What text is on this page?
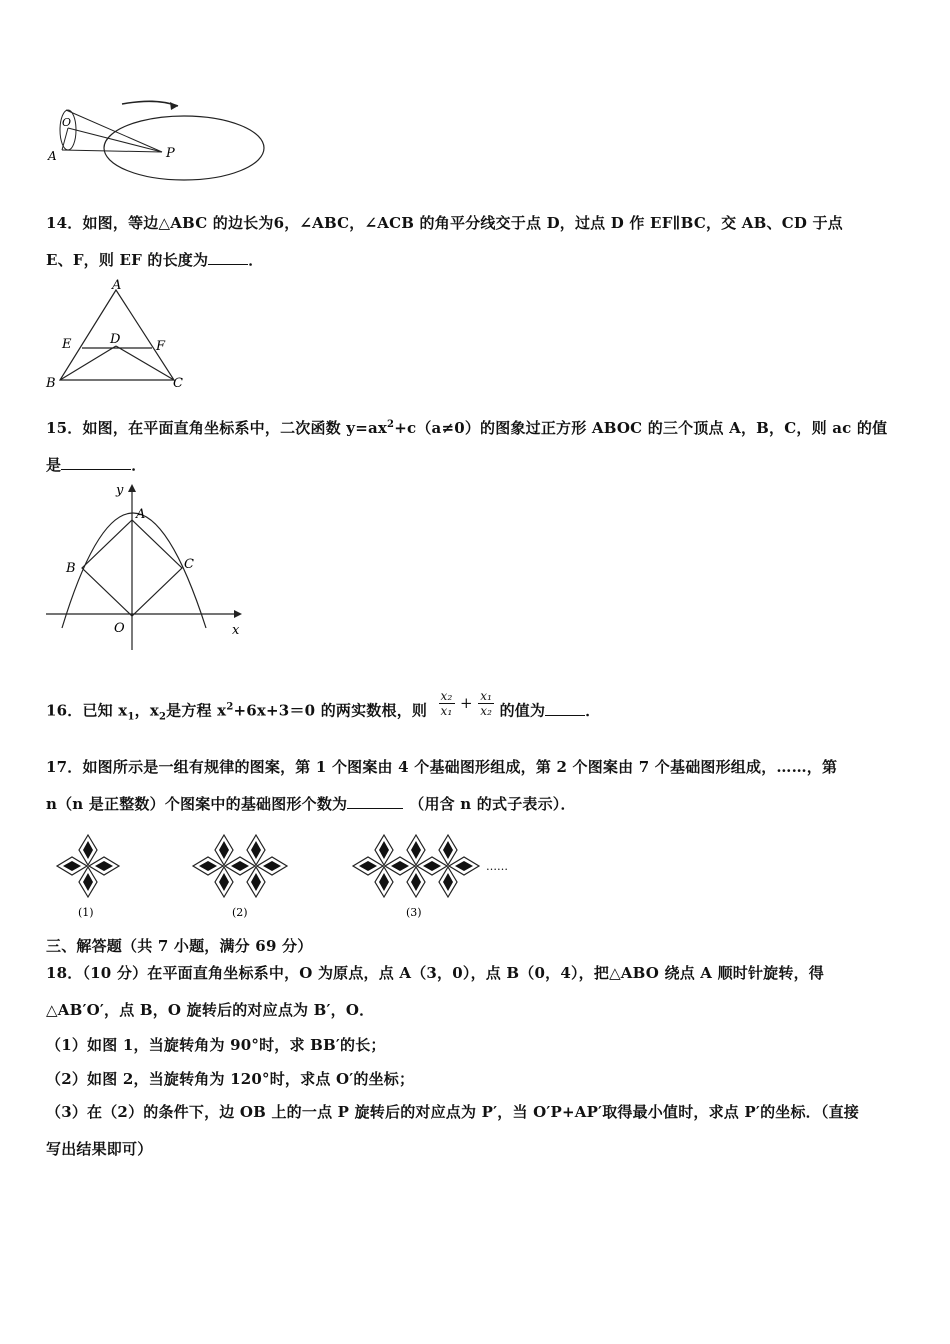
O
A	P
14．如图，等边△ABC 的边长为6，∠ABC，∠ACB 的角平分线交于点 D，过点 D 作 EF∥BC，交 AB、CD 于点
E、F，则 EF 的长度为	．
A
B	C
D
E	F
15．如图，在平面直角坐标系中，二次函数 $y=ax^2+c(a\ne 0)$的图象过正方形 ABOC 的三个顶点 A，B，C，则 ac 的值
是	．
y
x
A
B	C
O
16．已知 $x_1$，$x_2$是方程 $x^2+6x+3=0$ 的两实数根，则 $\frac{\text{x₂}}{\text{x₁}} + \frac{\text{x₁}}{\text{x₂}}$ 的值为	．
17．如图所示是一组有规律的图案，第 1 个图案由 4 个基础图形组成，第 2 个图案由 7 个基础图形组成，……，第
n（n 是正整数）个图案中的基础图形个数为	（用含 n 的式子表示）．
(1)	(2)	(3)
……
三、解答题（共 7 小题，满分 69 分）
18．（10 分）在平面直角坐标系中，O 为原点，点 A（3，0），点 B（0，4），把△ABO 绕点 A 顺时针旋转，得
△AB′O′，点 B，O 旋转后的对应点为 B′，O．
（1）如图 1，当旋转角为 90°时，求 BB′的长；
（2）如图 2，当旋转角为 120°时，求点 O′的坐标；
（3）在（2）的条件下，边 OB 上的一点 P 旋转后的对应点为 P′，当 O′P+AP′取得最小值时，求点 P′的坐标．（直接
写出结果即可）
